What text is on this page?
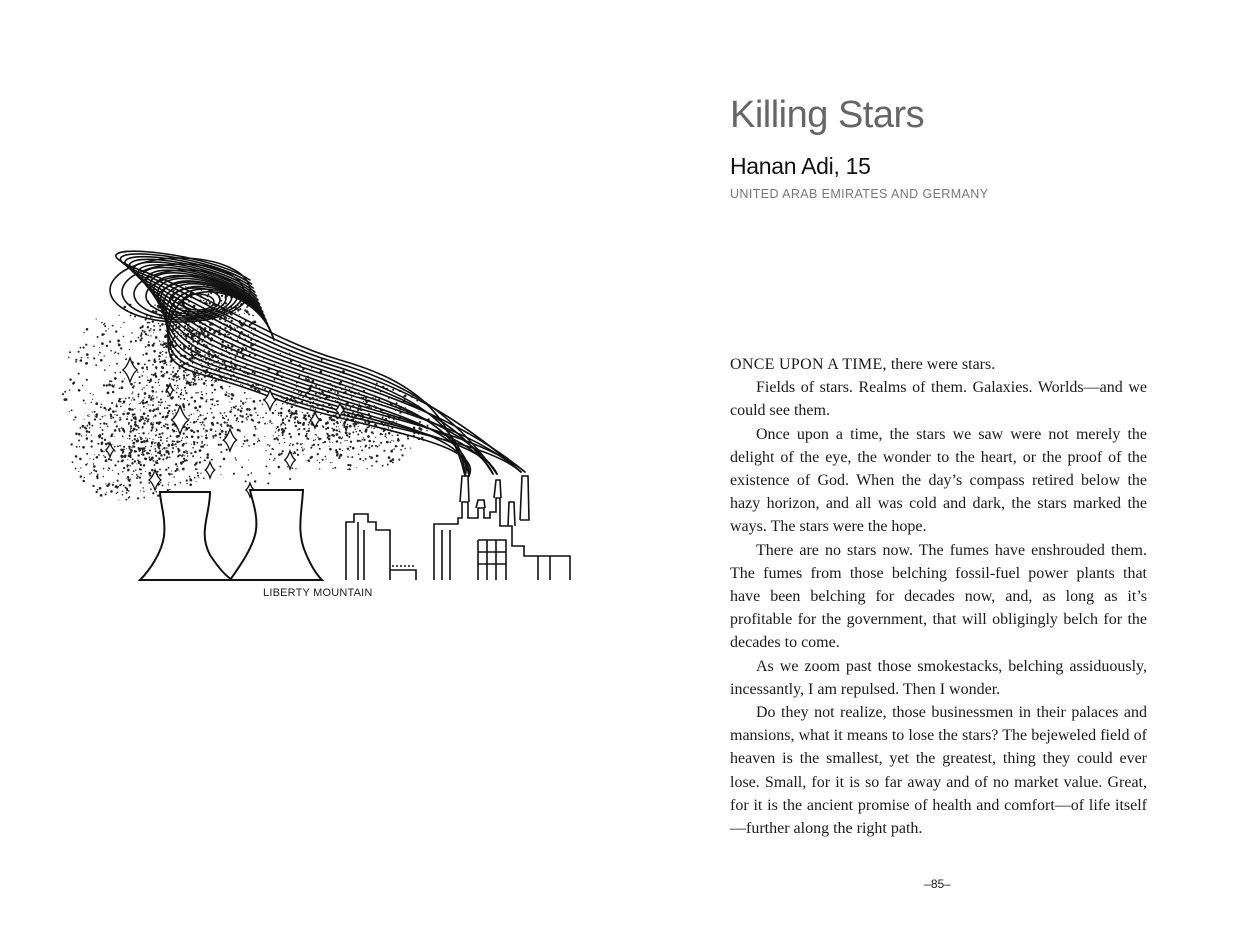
LIBERTY MOUNTAIN
Killing Stars
Hanan Adi, 15
UNITED ARAB EMIRATES AND GERMANY

ONCE UPON A TIME, there were stars.

Fields of stars. Realms of them. Galaxies. Worlds—and we could see them.

Once upon a time, the stars we saw were not merely the delight of the eye, the wonder to the heart, or the proof of the existence of God. When the day’s compass retired below the hazy horizon, and all was cold and dark, the stars marked the ways. The stars were the hope.

There are no stars now. The fumes have enshrouded them. The fumes from those belching fossil-fuel power plants that have been belching for decades now, and, as long as it’s profitable for the government, that will obligingly belch for the decades to come.

As we zoom past those smokestacks, belching assiduously, incessantly, I am repulsed. Then I wonder.

Do they not realize, those businessmen in their palaces and mansions, what it means to lose the stars? The bejeweled field of heaven is the smallest, yet the greatest, thing they could ever lose. Small, for it is so far away and of no market value. Great, for it is the ancient promise of health and comfort—of life itself—further along the right path.

–85–
